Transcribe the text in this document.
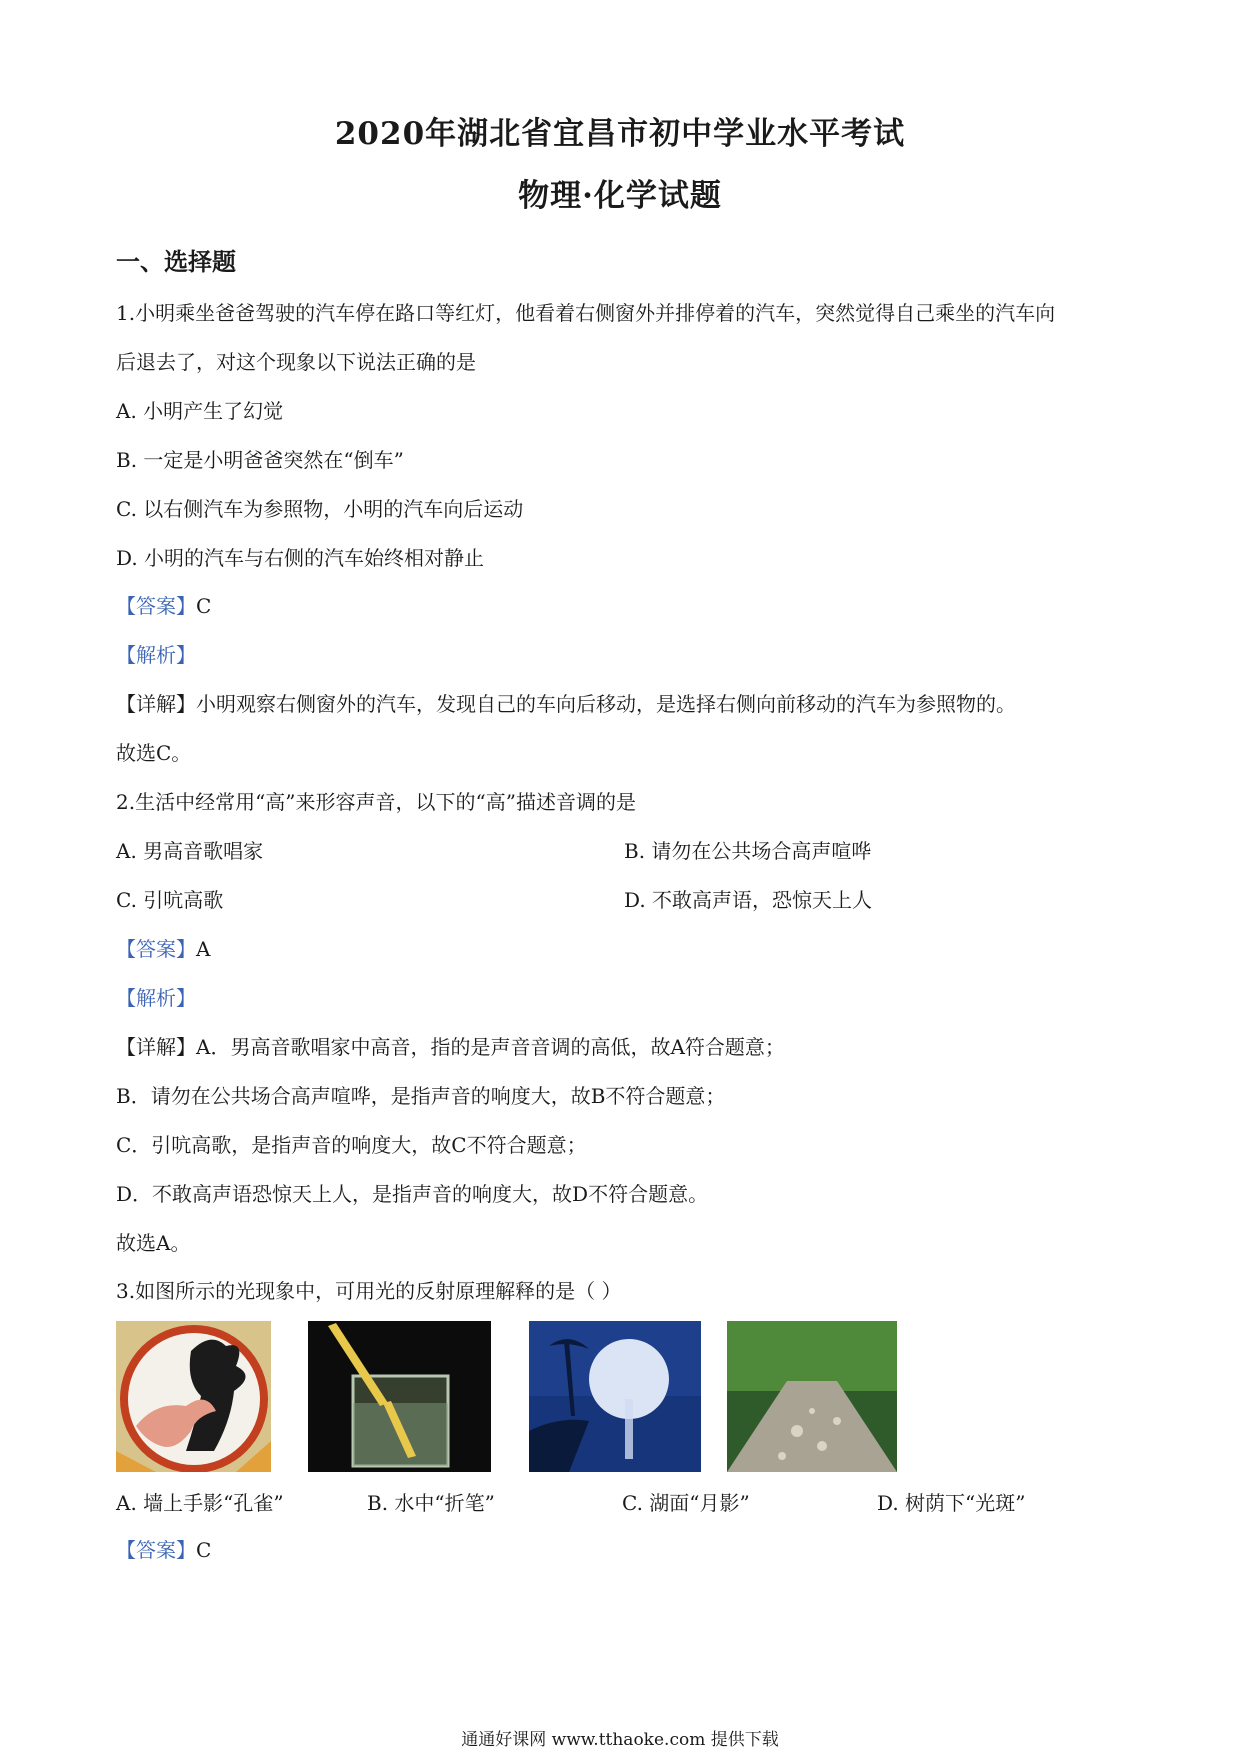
2020年湖北省宜昌市初中学业水平考试
物理·化学试题
一、选择题
1.小明乘坐爸爸驾驶的汽车停在路口等红灯，他看着右侧窗外并排停着的汽车，突然觉得自己乘坐的汽车向
后退去了，对这个现象以下说法正确的是
A. 小明产生了幻觉
B. 一定是小明爸爸突然在“倒车”
C. 以右侧汽车为参照物，小明的汽车向后运动
D. 小明的汽车与右侧的汽车始终相对静止
【答案】C
【解析】
【详解】小明观察右侧窗外的汽车，发现自己的车向后移动，是选择右侧向前移动的汽车为参照物的。
故选C。
2.生活中经常用“高”来形容声音，以下的“高”描述音调的是
A. 男高音歌唱家	B. 请勿在公共场合高声喧哗
C. 引吭高歌	D. 不敢高声语，恐惊天上人
【答案】A
【解析】
【详解】A．男高音歌唱家中高音，指的是声音音调的高低，故A符合题意；
B．请勿在公共场合高声喧哗，是指声音的响度大，故B不符合题意；
C．引吭高歌，是指声音的响度大，故C不符合题意；
D．不敢高声语恐惊天上人，是指声音的响度大，故D不符合题意。
故选A。
3.如图所示的光现象中，可用光的反射原理解释的是（ ）
A. 墙上手影“孔雀”	B. 水中“折笔”	C. 湖面“月影”	D. 树荫下“光斑”
【答案】C
通通好课网 www.tthaoke.com 提供下载
